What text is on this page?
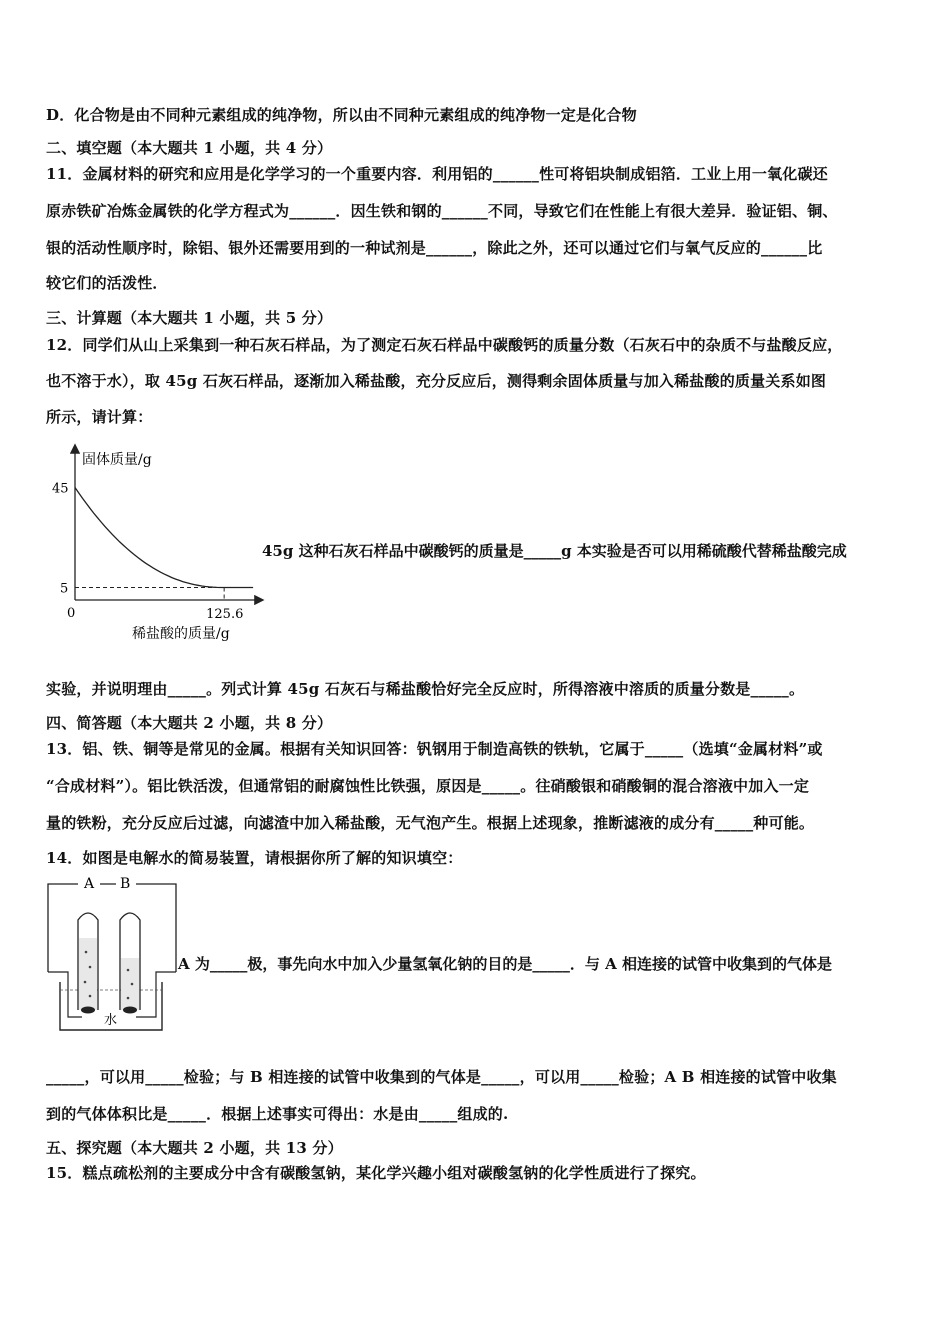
D．化合物是由不同种元素组成的纯净物，所以由不同种元素组成的纯净物一定是化合物
二、填空题（本大题共 1 小题，共 4 分）
11．金属材料的研究和应用是化学学习的一个重要内容．利用铝的______性可将铝块制成铝箔．工业上用一氧化碳还
原赤铁矿冶炼金属铁的化学方程式为______．因生铁和钢的______不同，导致它们在性能上有很大差异．验证铝、铜、
银的活动性顺序时，除铝、银外还需要用到的一种试剂是______，除此之外，还可以通过它们与氧气反应的______比
较它们的活泼性．
三、计算题（本大题共 1 小题，共 5 分）
12．同学们从山上采集到一种石灰石样品，为了测定石灰石样品中碳酸钙的质量分数（石灰石中的杂质不与盐酸反应，
也不溶于水），取 45g 石灰石样品，逐渐加入稀盐酸，充分反应后，测得剩余固体质量与加入稀盐酸的质量关系如图
所示，请计算：
固体质量/g
稀盐酸的质量/g
0
45
5
125.6
45g 这种石灰石样品中碳酸钙的质量是_____g 本实验是否可以用稀硫酸代替稀盐酸完成
实验，并说明理由_____。列式计算 45g 石灰石与稀盐酸恰好完全反应时，所得溶液中溶质的质量分数是_____。
四、简答题（本大题共 2 小题，共 8 分）
13．铝、铁、铜等是常见的金属。根据有关知识回答：钒钢用于制造高铁的铁轨，它属于_____（选填“金属材料”或
“合成材料”）。铝比铁活泼，但通常铝的耐腐蚀性比铁强，原因是_____。往硝酸银和硝酸铜的混合溶液中加入一定
量的铁粉，充分反应后过滤，向滤渣中加入稀盐酸，无气泡产生。根据上述现象，推断滤液的成分有_____种可能。
14．如图是电解水的简易装置，请根据你所了解的知识填空：
A B
水
A 为_____极，事先向水中加入少量氢氧化钠的目的是_____．与 A 相连接的试管中收集到的气体是
_____，可以用_____检验；与 B 相连接的试管中收集到的气体是_____，可以用_____检验；A B 相连接的试管中收集
到的气体体积比是_____．根据上述事实可得出：水是由_____组成的.
五、探究题（本大题共 2 小题，共 13 分）
15．糕点疏松剂的主要成分中含有碳酸氢钠，某化学兴趣小组对碳酸氢钠的化学性质进行了探究。
